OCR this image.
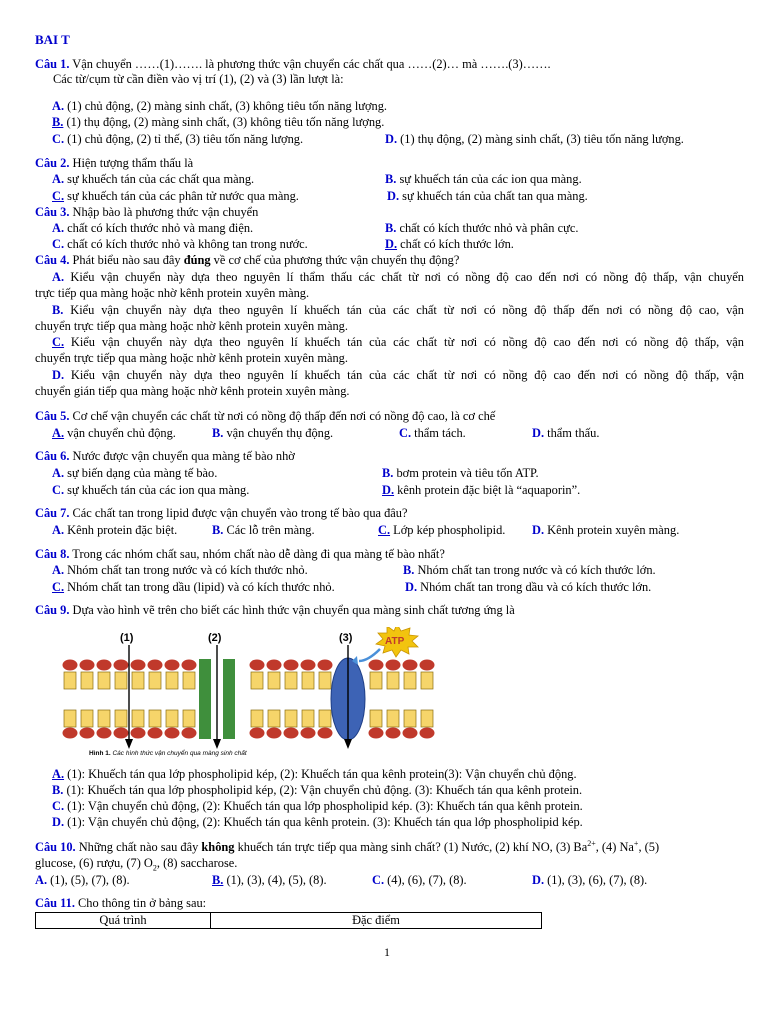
BAI T
Câu 1. Vận chuyển ……(1)……. là phương thức vận chuyển các chất qua ……(2)… mà …….(3)…….
Các từ/cụm từ cần điền vào vị trí (1), (2) và (3) lần lượt là:
A. (1) chủ động, (2) màng sinh chất, (3) không tiêu tốn năng lượng.
B. (1) thụ động, (2) màng sinh chất, (3) không tiêu tốn năng lượng.
C. (1) chủ động, (2) tỉ thế, (3) tiêu tốn năng lượng.	D. (1) thụ động, (2) màng sinh chất, (3) tiêu tốn năng lượng.
Câu 2. Hiện tượng thẩm thấu là
A. sự khuếch tán của các chất qua màng.	B. sự khuếch tán của các ion qua màng.
C. sự khuếch tán của các phân tử nước qua màng.	D. sự khuếch tán của chất tan qua màng.
Câu 3. Nhập bào là phương thức vận chuyển
A. chất có kích thước nhỏ và mang điện.	B. chất có kích thước nhỏ và phân cực.
C. chất có kích thước nhỏ và không tan trong nước.	D. chất có kích thước lớn.
Câu 4. Phát biểu nào sau đây đúng về cơ chế của phương thức vận chuyển thụ động?
A. Kiểu vận chuyển này dựa theo nguyên lí thẩm thấu các chất từ nơi có nồng độ cao đến nơi có nồng độ thấp, vận chuyển
trực tiếp qua màng hoặc nhờ kênh protein xuyên màng.
B. Kiểu vận chuyển này dựa theo nguyên lí khuếch tán của các chất từ nơi có nồng độ thấp đến nơi có nồng độ cao, vận
chuyển trực tiếp qua màng hoặc nhờ kênh protein xuyên màng.
C. Kiểu vận chuyển này dựa theo nguyên lí khuếch tán của các chất từ nơi có nồng độ cao đến nơi có nồng độ thấp, vận
chuyển trực tiếp qua màng hoặc nhờ kênh protein xuyên màng.
D. Kiểu vận chuyển này dựa theo nguyên lí khuếch tán của các chất từ nơi có nồng độ cao đến nơi có nồng độ thấp, vận
chuyển gián tiếp qua màng hoặc nhờ kênh protein xuyên màng.
Câu 5. Cơ chế vận chuyển các chất từ nơi có nồng độ thấp đến nơi có nồng độ cao, là cơ chế
A. vận chuyển chủ động.	B. vận chuyển thụ động.	C. thẩm tách.	D. thẩm thấu.
Câu 6. Nước được vận chuyển qua màng tế bào nhờ
A. sự biến dạng của màng tế bào.	B. bơm protein và tiêu tốn ATP.
C. sự khuếch tán của các ion qua màng.	D. kênh protein đặc biệt là “aquaporin”.
Câu 7. Các chất tan trong lipid được vận chuyển vào trong tế bào qua đâu?
A. Kênh protein đặc biệt.	B. Các lỗ trên màng.	C. Lớp kép phospholipid. D. Kênh protein xuyên màng.
Câu 8. Trong các nhóm chất sau, nhóm chất nào dễ dàng đi qua màng tế bào nhất?
A. Nhóm chất tan trong nước và có kích thước nhỏ.	B. Nhóm chất tan trong nước và có kích thước lớn.
C. Nhóm chất tan trong dầu (lipid) và có kích thước nhỏ.	D. Nhóm chất tan trong dầu và có kích thước lớn.
Câu 9. Dựa vào hình vẽ trên cho biết các hình thức vận chuyển qua màng sinh chất tương ứng là
(1)	(2)	(3)	ATP
Hình 1. Các hình thức vận chuyển qua màng sinh chất
A. (1): Khuếch tán qua lớp phospholipid kép, (2): Khuếch tán qua kênh protein(3): Vận chuyển chủ động.
B. (1): Khuếch tán qua lớp phospholipid kép, (2): Vận chuyển chủ động. (3): Khuếch tán qua kênh protein.
C. (1): Vận chuyển chủ động, (2): Khuếch tán qua lớp phospholipid kép. (3): Khuếch tán qua kênh protein.
D. (1): Vận chuyển chủ động, (2): Khuếch tán qua kênh protein. (3): Khuếch tán qua lớp phospholipid kép.
Câu 10. Những chất nào sau đây không khuếch tán trực tiếp qua màng sinh chất? (1) Nước, (2) khí NO, (3) $Ba^{2+}$, (4) Na+, (5)
glucose, (6) rượu, (7) $O_2$, (8) saccharose.
A. (1), (5), (7), (8).	B. (1), (3), (4), (5), (8).	C. (4), (6), (7), (8).	D. (1), (3), (6), (7), (8).
Câu 11. Cho thông tin ở bảng sau:
Quá trình	Đặc điểm
1
